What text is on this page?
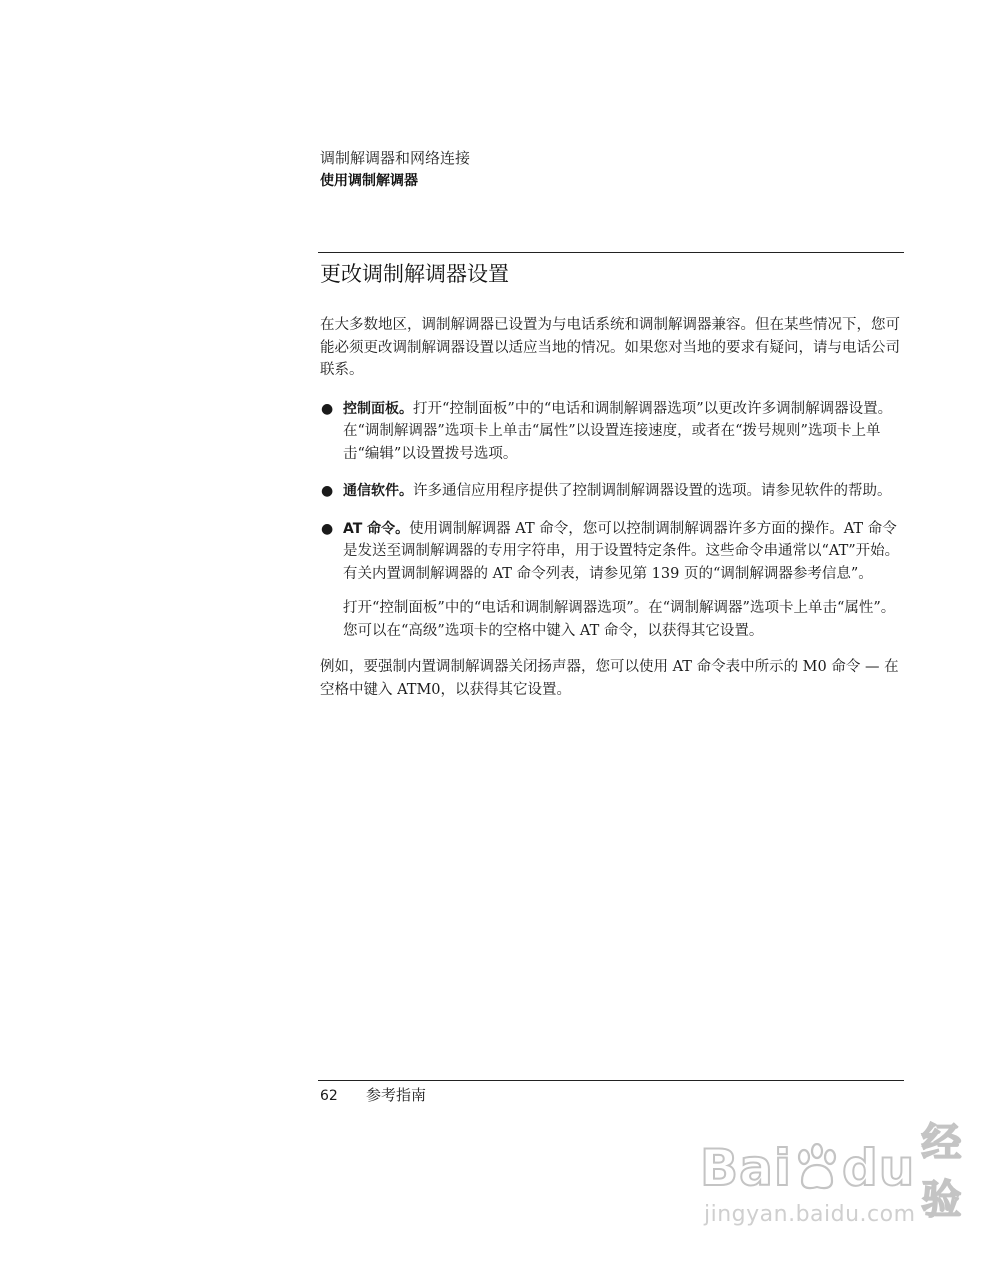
调制解调器和网络连接
使用调制解调器
更改调制解调器设置

在大多数地区，调制解调器已设置为与电话系统和调制解调器兼容。但在某些情况下，您可能必须更改调制解调器设置以适应当地的情况。如果您对当地的要求有疑问，请与电话公司联系。

● 控制面板。打开“控制面板”中的“电话和调制解调器选项”以更改许多调制解调器设置。在“调制解调器”选项卡上单击“属性”以设置连接速度，或者在“拨号规则”选项卡上单击“编辑”以设置拨号选项。
● 通信软件。许多通信应用程序提供了控制调制解调器设置的选项。请参见软件的帮助。
● AT 命令。使用调制解调器 AT 命令，您可以控制调制解调器许多方面的操作。AT 命令是发送至调制解调器的专用字符串，用于设置特定条件。这些命令串通常以“AT”开始。有关内置调制解调器的 AT 命令列表，请参见第 139 页的“调制解调器参考信息”。

打开“控制面板”中的“电话和调制解调器选项”。在“调制解调器”选项卡上单击“属性”。您可以在“高级”选项卡的空格中键入 AT 命令，以获得其它设置。

例如，要强制内置调制解调器关闭扬声器，您可以使用 AT 命令表中所示的 M0 命令 — 在空格中键入 ATM0，以获得其它设置。

62 参考指南
Bai du 经验
jingyan.baidu.com
